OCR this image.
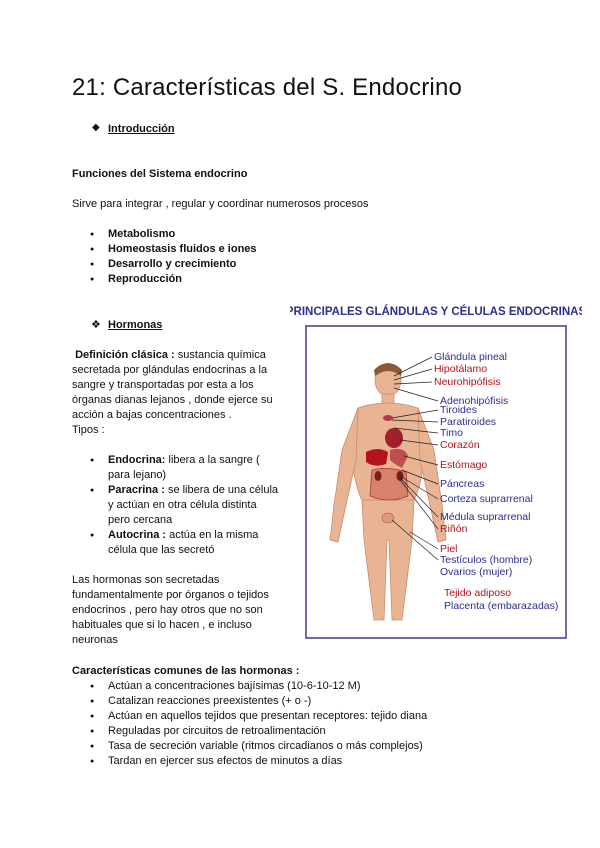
21: Características del S. Endocrino
◆ Introducción
Funciones del Sistema endocrino
Sirve para integrar , regular y coordinar numerosos procesos
● Metabolismo
● Homeostasis fluidos e iones
● Desarrollo y crecimiento
● Reproducción
❖ Hormonas
Definición clásica : sustancia química
secretada por glándulas endocrinas a la
sangre y transportadas por esta a los
órganas dianas lejanos , donde ejerce su
acción a bajas concentraciones .
Tipos :
● Endocrina: libera a la sangre (
para lejano)
● Paracrina : se libera de una célula
y actúan en otra célula distinta
pero cercana
● Autocrina : actúa en la misma
célula que las secretó
Las hormonas son secretadas
fundamentalmente por órganos o tejidos
endocrinos , pero hay otros que no son
habituales que si lo hacen , e incluso
neuronas
PRINCIPALES GLÁNDULAS Y CÉLULAS ENDOCRINAS
Glándula pineal
Hipotálamo
Neurohipófisis
Adenohipófisis
Tiroides
Paratiroides
Timo
Corazón
Estómago
Páncreas
Corteza suprarrenal
Médula suprarrenal
Riñón
Piel
Testículos (hombre)
Ovarios (mujer)
Tejido adiposo
Placenta (embarazadas)
Características comunes de las hormonas :
● Actúan a concentraciones bajísimas (10-6-10-12 M)
● Catalizan reacciones preexistentes (+ o -)
● Actúan en aquellos tejidos que presentan receptores: tejido diana
● Reguladas por circuitos de retroalimentación
● Tasa de secreción variable (ritmos circadianos o más complejos)
● Tardan en ejercer sus efectos de minutos a días
